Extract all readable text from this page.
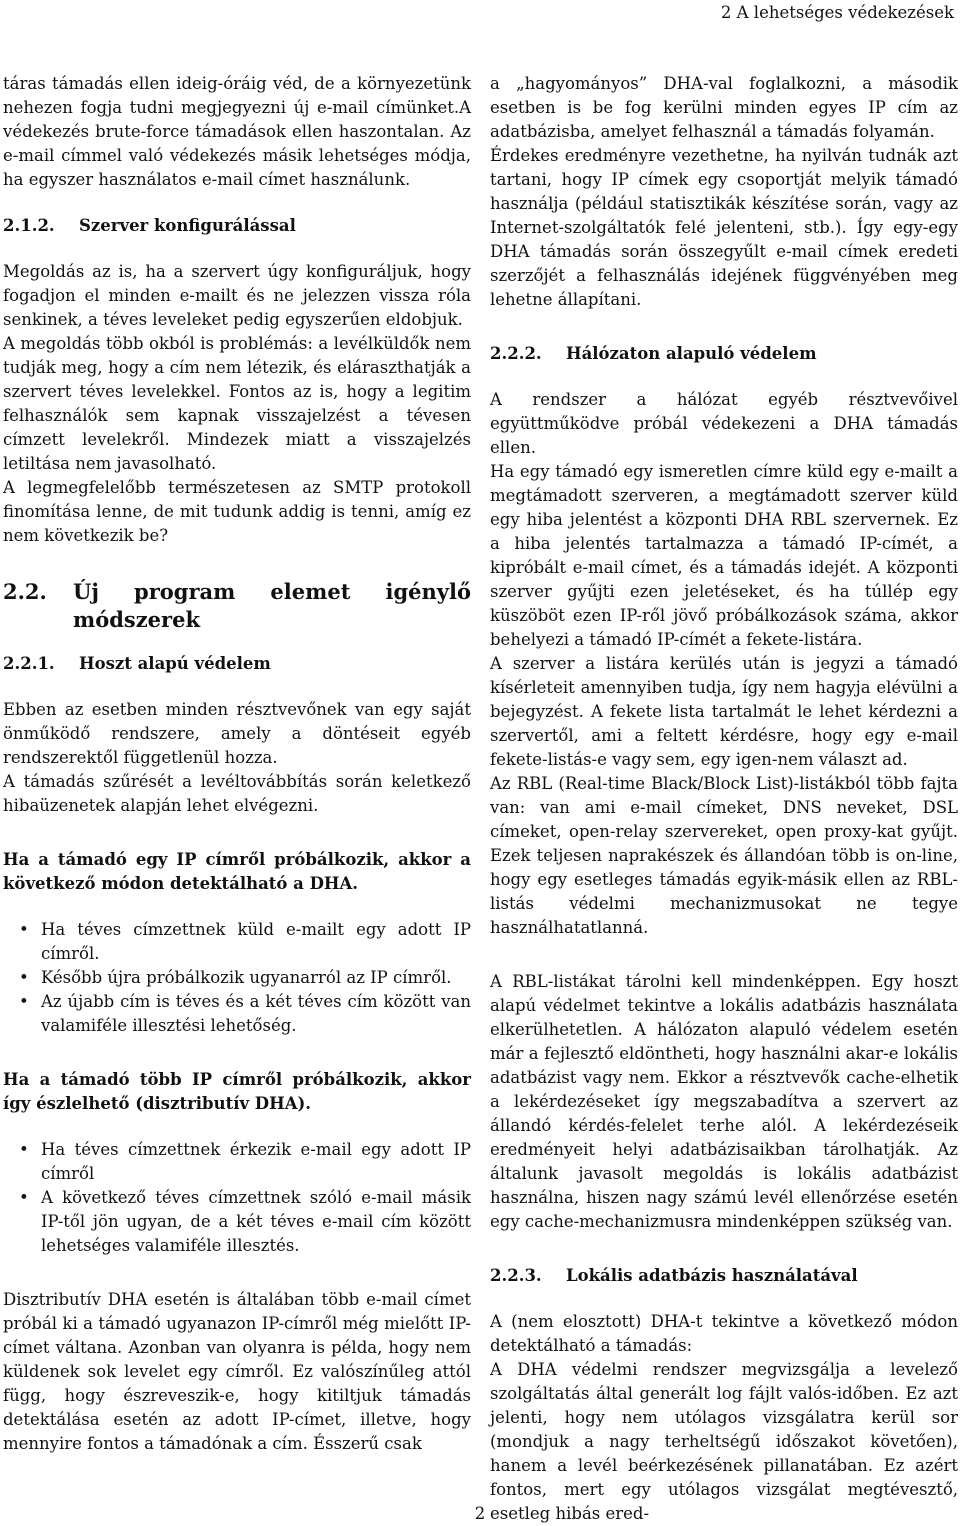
2 A lehetséges védekezések

táras támadás ellen ideig-óráig véd, de a környezetünk nehezen fogja tudni megjegyezni új e-mail címünket.A védekezés brute-force támadások ellen haszontalan. Az e-mail címmel való védekezés másik lehetséges módja, ha egyszer használatos e-mail címet használunk.

2.1.2.	Szerver konfigurálással

Megoldás az is, ha a szervert úgy konfiguráljuk, hogy fogadjon el minden e-mailt és ne jelezzen vissza róla senkinek, a téves leveleket pedig egyszerűen eldobjuk.

A megoldás több okból is problémás: a levélküldők nem tudják meg, hogy a cím nem létezik, és eláraszthatják a szervert téves levelekkel. Fontos az is, hogy a legitim felhasználók sem kapnak visszajelzést a tévesen címzett levelekről. Mindezek miatt a visszajelzés letiltása nem javasolható.

A legmegfelelőbb természetesen az SMTP protokoll finomítása lenne, de mit tudunk addig is tenni, amíg ez nem következik be?

2.2.	Új program elemet igénylő módszerek
2.2.1.	Hoszt alapú védelem

Ebben az esetben minden résztvevőnek van egy saját önműködő rendszere, amely a döntéseit egyéb rendszerektől függetlenül hozza.

A támadás szűrését a levéltovábbítás során keletkező hibaüzenetek alapján lehet elvégezni.

Ha a támadó egy IP címről próbálkozik, akkor a következő módon detektálható a DHA.

• Ha téves címzettnek küld e-mailt egy adott IP címről.
• Később újra próbálkozik ugyanarról az IP címről.
• Az újabb cím is téves és a két téves cím között van valamiféle illesztési lehetőség.

Ha a támadó több IP címről próbálkozik, akkor így észlelhető (disztributív DHA).

• Ha téves címzettnek érkezik e-mail egy adott IP címről
• A következő téves címzettnek szóló e-mail másik IP-től jön ugyan, de a két téves e-mail cím között lehetséges valamiféle illesztés.

Disztributív DHA esetén is általában több e-mail címet próbál ki a támadó ugyanazon IP-címről még mielőtt IP-címet váltana. Azonban van olyanra is példa, hogy nem küldenek sok levelet egy címről. Ez valószínűleg attól függ, hogy észreveszik-e, hogy kitiltjuk támadás detektálása esetén az adott IP-címet, illetve, hogy mennyire fontos a támadónak a cím. Ésszerű csak

a „hagyományos” DHA-val foglalkozni, a második esetben is be fog kerülni minden egyes IP cím az adatbázisba, amelyet felhasznál a támadás folyamán.

Érdekes eredményre vezethetne, ha nyilván tudnák azt tartani, hogy IP címek egy csoportját melyik támadó használja (például statisztikák készítése során, vagy az Internet-szolgáltatók felé jelenteni, stb.). Így egy-egy DHA támadás során összegyűlt e-mail címek eredeti szerzőjét a felhasználás idejének függvényében meg lehetne állapítani.

2.2.2.	Hálózaton alapuló védelem

A rendszer a hálózat egyéb résztvevőivel együttműködve próbál védekezeni a DHA támadás ellen.

Ha egy támadó egy ismeretlen címre küld egy e-mailt a megtámadott szerveren, a megtámadott szerver küld egy hiba jelentést a központi DHA RBL szervernek. Ez a hiba jelentés tartalmazza a támadó IP-címét, a kipróbált e-mail címet, és a támadás idejét. A központi szerver gyűjti ezen jeletéseket, és ha túllép egy küszöböt ezen IP-ről jövő próbálkozások száma, akkor behelyezi a támadó IP-címét a fekete-listára.

A szerver a listára kerülés után is jegyzi a támadó kísérleteit amennyiben tudja, így nem hagyja elévülni a bejegyzést. A fekete lista tartalmát le lehet kérdezni a szervertől, ami a feltett kérdésre, hogy egy e-mail fekete-listás-e vagy sem, egy igen-nem választ ad.

Az RBL (Real-time Black/Block List)-listákból több fajta van: van ami e-mail címeket, DNS neveket, DSL címeket, open-relay szervereket, open proxy-kat gyűjt. Ezek teljesen naprakészek és állandóan több is on-line, hogy egy esetleges támadás egyik-másik ellen az RBL-listás védelmi mechanizmusokat ne tegye használhatatlanná.

A RBL-listákat tárolni kell mindenképpen. Egy hoszt alapú védelmet tekintve a lokális adatbázis használata elkerülhetetlen. A hálózaton alapuló védelem esetén már a fejlesztő eldöntheti, hogy használni akar-e lokális adatbázist vagy nem. Ekkor a résztvevők cache-elhetik a lekérdezéseket így megszabadítva a szervert az állandó kérdés-felelet terhe alól. A lekérdezéseik eredményeit helyi adatbázisaikban tárolhatják. Az általunk javasolt megoldás is lokális adatbázist használna, hiszen nagy számú levél ellenőrzése esetén egy cache-mechanizmusra mindenképpen szükség van.

2.2.3.	Lokális adatbázis használatával

A (nem elosztott) DHA-t tekintve a következő módon detektálható a támadás:

A DHA védelmi rendszer megvizsgálja a levelező szolgáltatás által generált log fájlt valós-időben. Ez azt jelenti, hogy nem utólagos vizsgálatra kerül sor (mondjuk a nagy terheltségű időszakot követően), hanem a levél beérkezésének pillanatában. Ez azért fontos, mert egy utólagos vizsgálat megtévesztő, esetleg hibás ered-

2
